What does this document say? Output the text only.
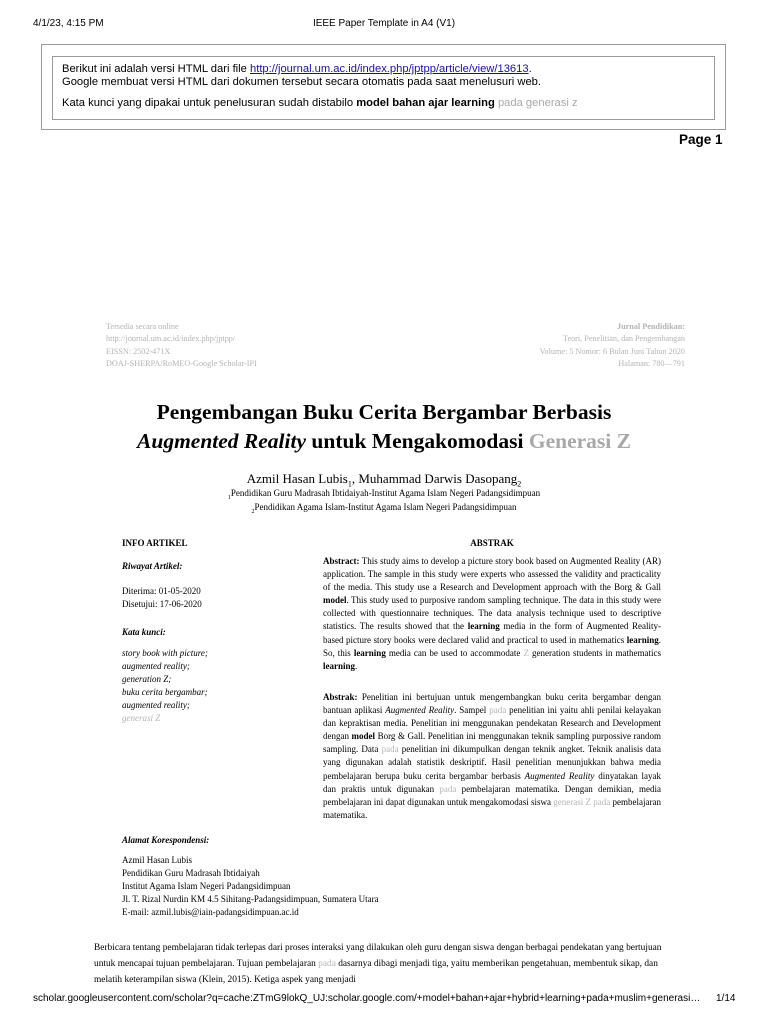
4/1/23, 4:15 PM	IEEE Paper Template in A4 (V1)
Berikut ini adalah versi HTML dari file http://journal.um.ac.id/index.php/jptpp/article/view/13613.
Google membuat versi HTML dari dokumen tersebut secara otomatis pada saat menelusuri web.
Kata kunci yang dipakai untuk penelusuran sudah distabilo model bahan ajar learning pada generasi z
Page 1
Tersedia secara online
http://journal.um.ac.id/index.php/jptpp/
EISSN: 2502-471X
DOAJ-SHERPA/RoMEO-Google Scholar-IPI
Jurnal Pendidikan:
Teori, Penelitian, dan Pengembangan
Volume: 5 Nomor: 6 Bulan Juni Tahun 2020
Halaman: 780—791
Pengembangan Buku Cerita Bergambar Berbasis
Augmented Reality untuk Mengakomodasi Generasi Z
Azmil Hasan Lubis$_1$, Muhammad Darwis Dasopang$_2$
$_1$Pendidikan Guru Madrasah Ibtidaiyah-Institut Agama Islam Negeri Padangsidimpuan
$_2$Pendidikan Agama Islam-Institut Agama Islam Negeri Padangsidimpuan
INFO ARTIKEL
Riwayat Artikel:
Diterima: 01-05-2020
Disetujui: 17-06-2020
Kata kunci:
story book with picture;
augmented reality;
generation Z;
buku cerita bergambar;
augmented reality;
generasi Z
Alamat Korespondensi:
Azmil Hasan Lubis
Pendidikan Guru Madrasah Ibtidaiyah
Institut Agama Islam Negeri Padangsidimpuan
Jl. T. Rizal Nurdin KM 4.5 Sihitang-Padangsidimpuan, Sumatera Utara
E-mail: azmil.lubis@iain-padangsidimpuan.ac.id
ABSTRAK

Abstract: This study aims to develop a picture story book based on Augmented Reality (AR) application. The sample in this study were experts who assessed the validity and practicality of the media. This study use a Research and Development approach with the Borg & Gall model. This study used to purposive random sampling technique. The data in this study were collected with questionnaire techniques. The data analysis technique used to descriptive statistics. The results showed that the learning media in the form of Augmented Reality-based picture story books were declared valid and practical to used in mathematics learning. So, this learning media can be used to accommodate Z generation students in mathematics learning.

Abstrak: Penelitian ini bertujuan untuk mengembangkan buku cerita bergambar dengan bantuan aplikasi Augmented Reality. Sampel pada penelitian ini yaitu ahli penilai kelayakan dan kepraktisan media. Penelitian ini menggunakan pendekatan Research and Development dengan model Borg & Gall. Penelitian ini menggunakan teknik sampling purpossive random sampling. Data pada penelitian ini dikumpulkan dengan teknik angket. Teknik analisis data yang digunakan adalah statistik deskriptif. Hasil penelitian menunjukkan bahwa media pembelajaran berupa buku cerita bergambar berbasis Augmented Reality dinyatakan layak dan praktis untuk digunakan pada pembelajaran matematika. Dengan demikian, media pembelajaran ini dapat digunakan untuk mengakomodasi siswa generasi Z pada pembelajaran matematika.

Berbicara tentang pembelajaran tidak terlepas dari proses interaksi yang dilakukan oleh guru dengan siswa dengan berbagai pendekatan yang bertujuan untuk mencapai tujuan pembelajaran. Tujuan pembelajaran pada dasarnya dibagi menjadi tiga, yaitu memberikan pengetahuan, membentuk sikap, dan melatih keterampilan siswa (Klein, 2015). Ketiga aspek yang menjadi

scholar.googleusercontent.com/scholar?q=cache:ZTmG9lokQ_UJ:scholar.google.com/+model+bahan+ajar+hybrid+learning+pada+muslim+generasi…	1/14
